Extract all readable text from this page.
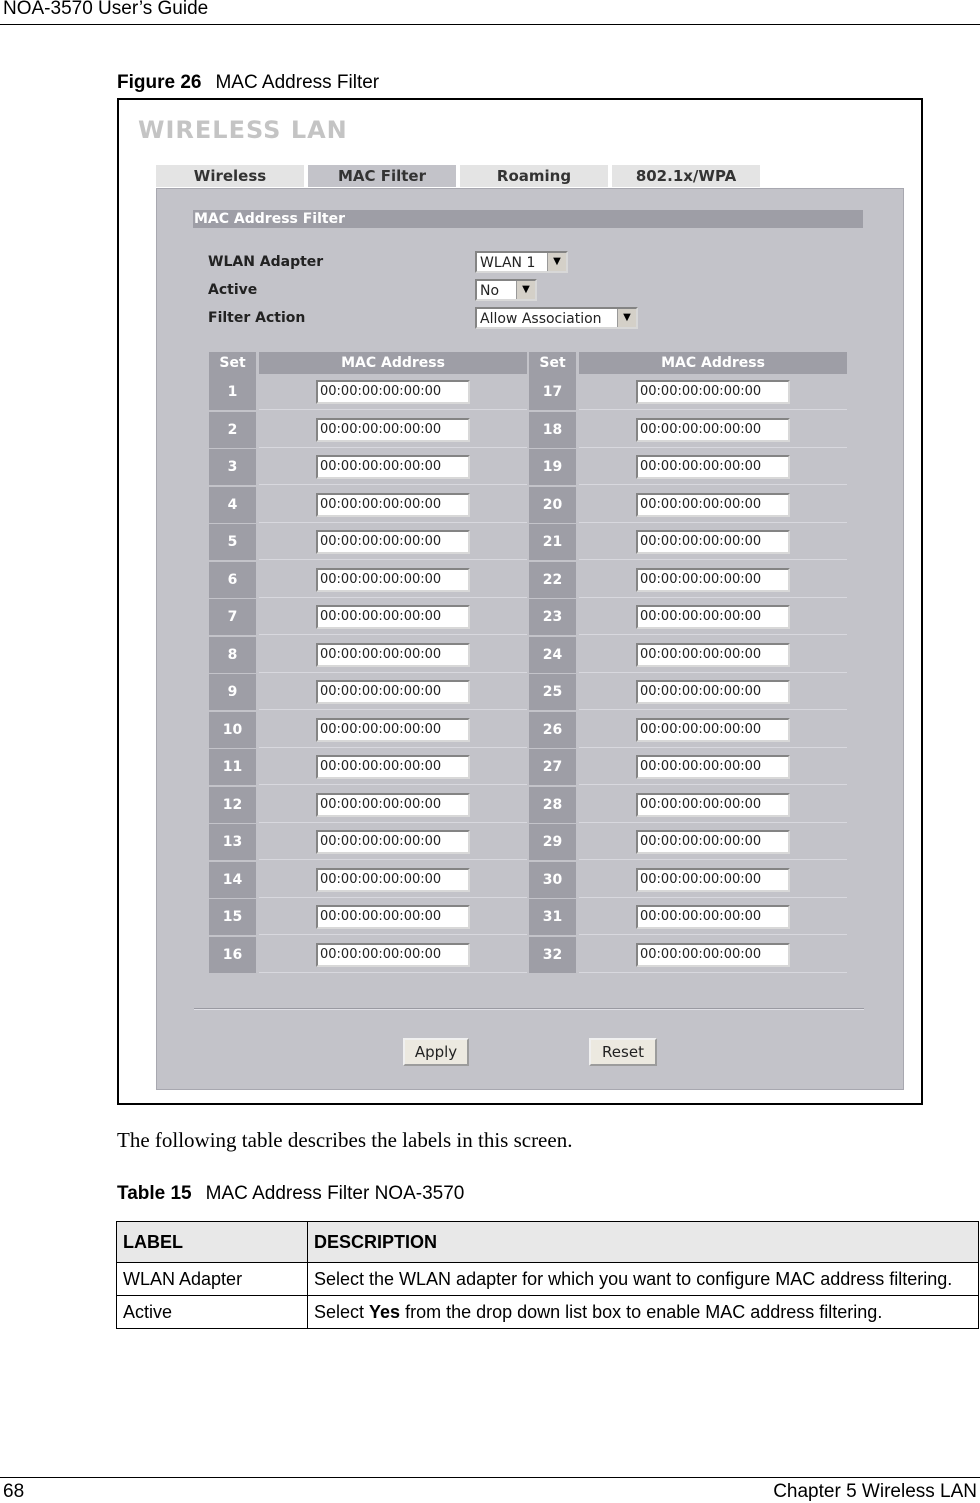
NOA-3570 User’s Guide
Figure 26 MAC Address Filter
WIRELESS LAN
Wireless	MAC Filter	Roaming	802.1x/WPA
MAC Address Filter
WLAN Adapter	WLAN 1	▼
Active	No	▼
Filter Action	Allow Association	▼
Set	MAC Address	Set	MAC Address
1	00:00:00:00:00:00	17	00:00:00:00:00:00
2	00:00:00:00:00:00	18	00:00:00:00:00:00
3	00:00:00:00:00:00	19	00:00:00:00:00:00
4	00:00:00:00:00:00	20	00:00:00:00:00:00
5	00:00:00:00:00:00	21	00:00:00:00:00:00
6	00:00:00:00:00:00	22	00:00:00:00:00:00
7	00:00:00:00:00:00	23	00:00:00:00:00:00
8	00:00:00:00:00:00	24	00:00:00:00:00:00
9	00:00:00:00:00:00	25	00:00:00:00:00:00
10	00:00:00:00:00:00	26	00:00:00:00:00:00
11	00:00:00:00:00:00	27	00:00:00:00:00:00
12	00:00:00:00:00:00	28	00:00:00:00:00:00
13	00:00:00:00:00:00	29	00:00:00:00:00:00
14	00:00:00:00:00:00	30	00:00:00:00:00:00
15	00:00:00:00:00:00	31	00:00:00:00:00:00
16	00:00:00:00:00:00	32	00:00:00:00:00:00
Apply	Reset
The following table describes the labels in this screen.
Table 15 MAC Address Filter NOA-3570
LABEL	DESCRIPTION
WLAN Adapter	Select the WLAN adapter for which you want to configure MAC address filtering.
Active	Select Yes from the drop down list box to enable MAC address filtering.
68	Chapter 5 Wireless LAN
